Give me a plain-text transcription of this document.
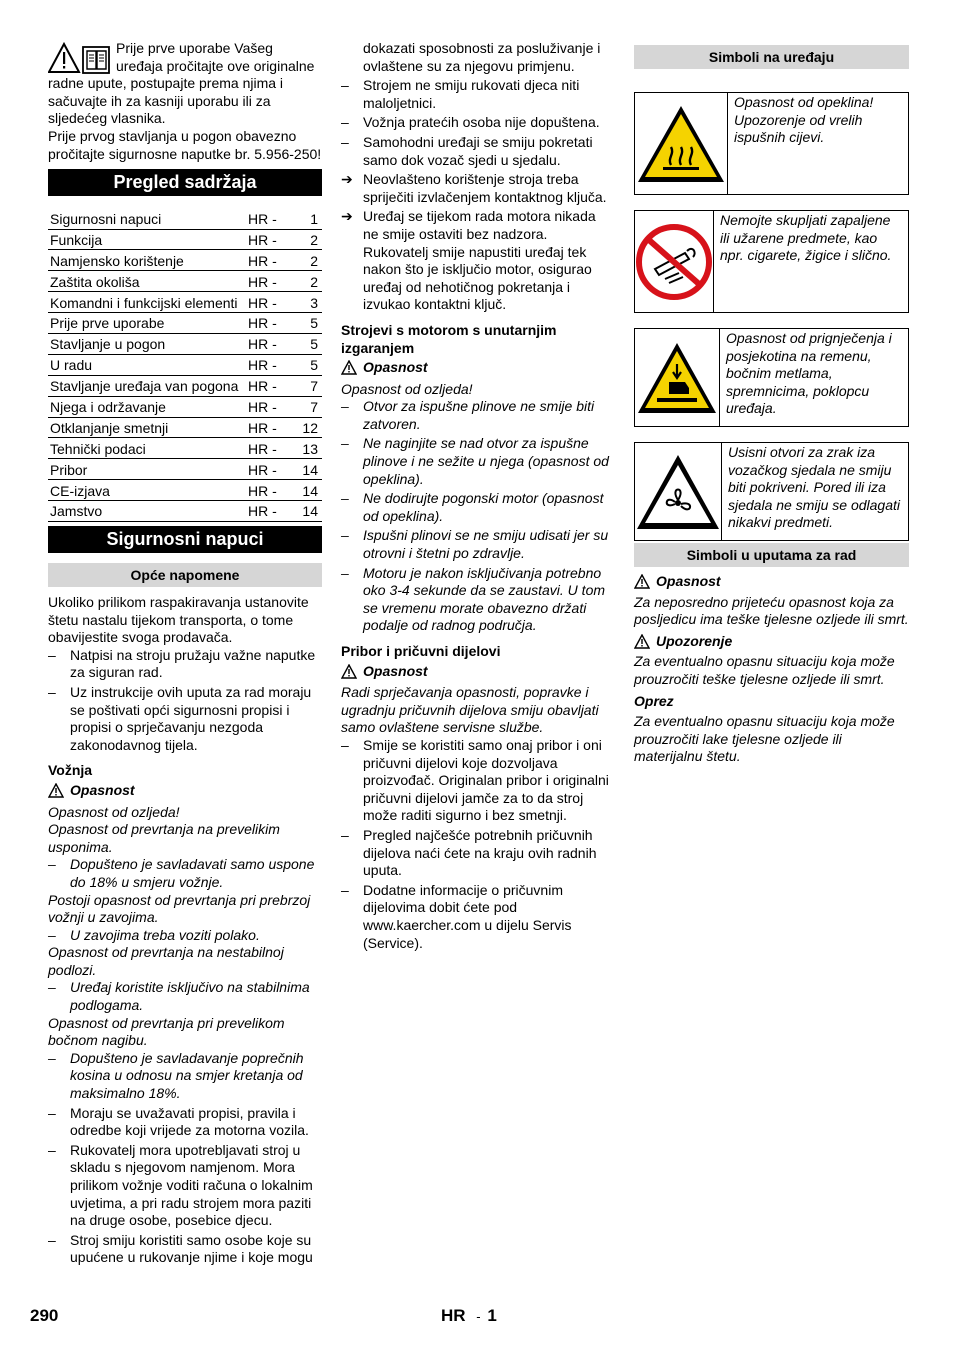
Prije prve uporabe Vašeg uređaja pročitajte ove originalne radne upute, postupajte prema njima i sačuvajte ih za kasniji uporabu ili za sljedećeg vlasnika.

Prije prvog stavljanja u pogon obavezno pročitajte sigurnosne naputke br. 5.956-250!

Pregled sadržaja
Sigurnosni napuci	HR -	1
Funkcija	HR -	2
Namjensko korištenje	HR -	2
Zaštita okoliša	HR -	2
Komandni i funkcijski elementi	HR -	3
Prije prve uporabe	HR -	5
Stavljanje u pogon	HR -	5
U radu	HR -	5
Stavljanje uređaja van pogona	HR -	7
Njega i održavanje	HR -	7
Otklanjanje smetnji	HR -	12
Tehnički podaci	HR -	13
Pribor	HR -	14
CE-izjava	HR -	14
Jamstvo	HR -	14
Sigurnosni napuci
Opće napomene

Ukoliko prilikom raspakiravanja ustanovite štetu nastalu tijekom transporta, o tome obavijestite svoga prodavača.

– Natpisi na stroju pružaju važne naputke za siguran rad.
– Uz instrukcije ovih uputa za rad moraju se poštivati opći sigurnosni propisi i propisi o sprječavanju nezgoda zakonodavnog tijela.

Vožnja

Opasnost

Opasnost od ozljeda!

Opasnost od prevrtanja na prevelikim usponima.

– Dopušteno je savladavati samo uspone do 18% u smjeru vožnje.

Postoji opasnost od prevrtanja pri prebrzoj vožnji u zavojima.

– U zavojima treba voziti polako.

Opasnost od prevrtanja na nestabilnoj podlozi.

– Uređaj koristite isključivo na stabilnima podlogama.

Opasnost od prevrtanja pri prevelikom bočnom nagibu.

– Dopušteno je savladavanje poprečnih kosina u odnosu na smjer kretanja od maksimalno 18%.
– Moraju se uvažavati propisi, pravila i odredbe koji vrijede za motorna vozila.
– Rukovatelj mora upotrebljavati stroj u skladu s njegovom namjenom. Mora prilikom vožnje voditi računa o lokalnim uvjetima, a pri radu strojem mora paziti na druge osobe, posebice djecu.
– Stroj smiju koristiti samo osobe koje su upućene u rukovanje njime i koje mogu

dokazati sposobnosti za posluživanje i ovlaštene su za njegovu primjenu.

– Strojem ne smiju rukovati djeca niti maloljetnici.
– Vožnja pratećih osoba nije dopuštena.
– Samohodni uređaji se smiju pokretati samo dok vozač sjedi u sjedalu.
➔ Neovlašteno korištenje stroja treba spriječiti izvlačenjem kontaktnog ključa.
➔ Uređaj se tijekom rada motora nikada ne smije ostaviti bez nadzora. Rukovatelj smije napustiti uređaj tek nakon što je isključio motor, osigurao uređaj od nehotičnog pokretanja i izvukao kontaktni ključ.

Strojevi s motorom s unutarnjim izgaranjem

Opasnost

Opasnost od ozljeda!

– Otvor za ispušne plinove ne smije biti zatvoren.
– Ne naginjite se nad otvor za ispušne plinove i ne sežite u njega (opasnost od opeklina).
– Ne dodirujte pogonski motor (opasnost od opeklina).
– Ispušni plinovi se ne smiju udisati jer su otrovni i štetni po zdravlje.
– Motoru je nakon isključivanja potrebno oko 3-4 sekunde da se zaustavi. U tom se vremenu morate obavezno držati podalje od radnog područja.

Pribor i pričuvni dijelovi

Opasnost

Radi sprječavanja opasnosti, popravke i ugradnju pričuvnih dijelova smiju obavljati samo ovlaštene servisne službe.

– Smije se koristiti samo onaj pribor i oni pričuvni dijelovi koje dozvoljava proizvođač. Originalan pribor i originalni pričuvni dijelovi jamče za to da stroj može raditi sigurno i bez smetnji.
– Pregled najčešće potrebnih pričuvnih dijelova naći ćete na kraju ovih radnih uputa.
– Dodatne informacije o pričuvnim dijelovima dobit ćete pod www.kaercher.com u dijelu Servis (Service).
Simboli na uređaju
Opasnost od opeklina! Upozorenje od vrelih ispušnih cijevi.
Nemojte skupljati zapaljene ili užarene predmete, kao npr. cigarete, žigice i slično.
Opasnost od prignječenja i posjekotina na remenu, bočnim metlama, spremnicima, poklopcu uređaja.
Usisni otvori za zrak iza vozačkog sjedala ne smiju biti pokriveni. Pored ili iza sjedala ne smiju se odlagati nikakvi predmeti.
Simboli u uputama za rad
Opasnost

Za neposredno prijeteću opasnost koja za posljedicu ima teške tjelesne ozljede ili smrt.

Upozorenje

Za eventualno opasnu situaciju koja može prouzročiti teške tjelesne ozljede ili smrt.

Oprez

Za eventualno opasnu situaciju koja može prouzročiti lake tjelesne ozljede ili materijalnu štetu.

290	HR - 1
